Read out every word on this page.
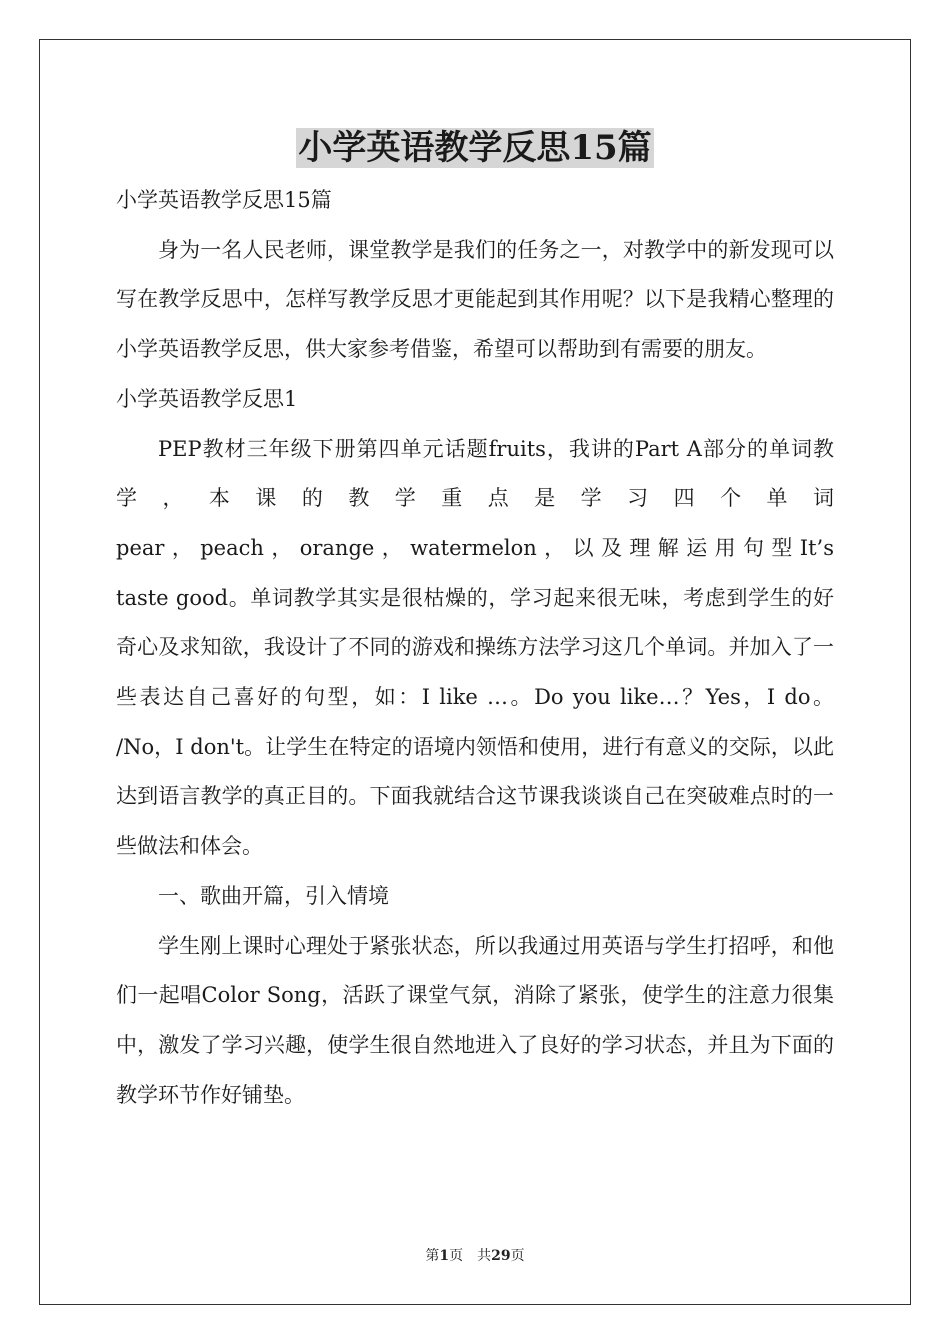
小学英语教学反思15篇

小学英语教学反思15篇

身为一名人民老师，课堂教学是我们的任务之一，对教学中的新发现可以写在教学反思中，怎样写教学反思才更能起到其作用呢？以下是我精心整理的小学英语教学反思，供大家参考借鉴，希望可以帮助到有需要的朋友。

小学英语教学反思1

PEP教材三年级下册第四单元话题fruits，我讲的Part A部分的单词教学，本课的教学重点是学习四个单词

pear，peach，orange，watermelon，以及理解运用句型It’s

taste good。单词教学其实是很枯燥的，学习起来很无味，考虑到学生的好奇心及求知欲，我设计了不同的游戏和操练方法学习这几个单词。并加入了一些表达自己喜好的句型，如：I like …。Do you like…？Yes，I do。 /No，I don't。让学生在特定的语境内领悟和使用，进行有意义的交际，以此达到语言教学的真正目的。下面我就结合这节课我谈谈自己在突破难点时的一些做法和体会。

一、歌曲开篇，引入情境

学生刚上课时心理处于紧张状态，所以我通过用英语与学生打招呼，和他们一起唱Color Song，活跃了课堂气氛，消除了紧张，使学生的注意力很集中，激发了学习兴趣，使学生很自然地进入了良好的学习状态，并且为下面的教学环节作好铺垫。

第1页 共29页
